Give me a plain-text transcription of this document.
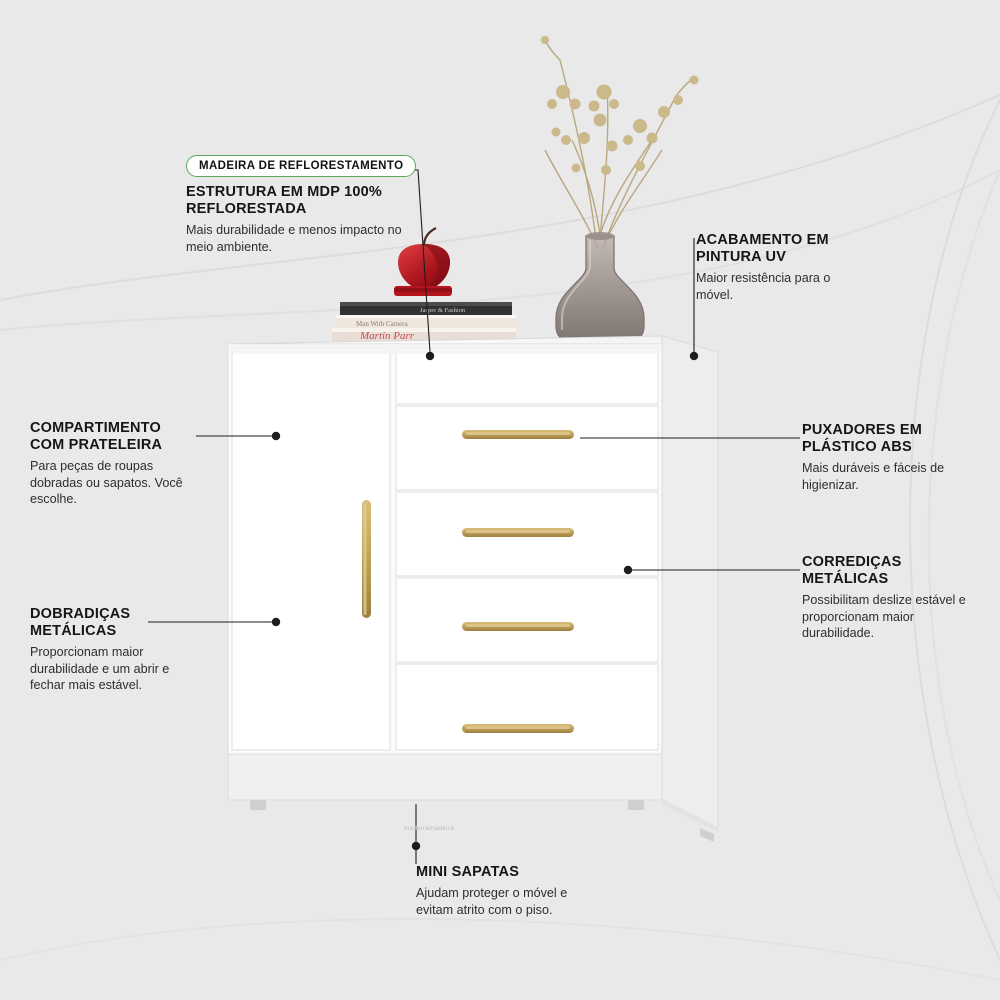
Man With Camera
Jasper & Fashion
Martin Parr
MADEIRA DE REFLORESTAMENTO

ESTRUTURA EM MDP 100% REFLORESTADA

Mais durabilidade e menos impacto no meio ambiente.	ACABAMENTO EM PINTURA UV

Maior resistência para o móvel.

COMPARTIMENTO COM PRATELEIRA

Para peças de roupas dobradas ou sapatos. Você escolhe.

PUXADORES EM PLÁSTICO ABS

Mais duráveis e fáceis de higienizar.

CORREDIÇAS METÁLICAS

Possibilitam deslize estável e proporcionam maior durabilidade.

DOBRADIÇAS METÁLICAS

Proporcionam maior durabilidade e um abrir e fechar mais estável.

MINI SAPATAS

Ajudam proteger o móvel e evitam atrito com o piso.

madeiramadeira
